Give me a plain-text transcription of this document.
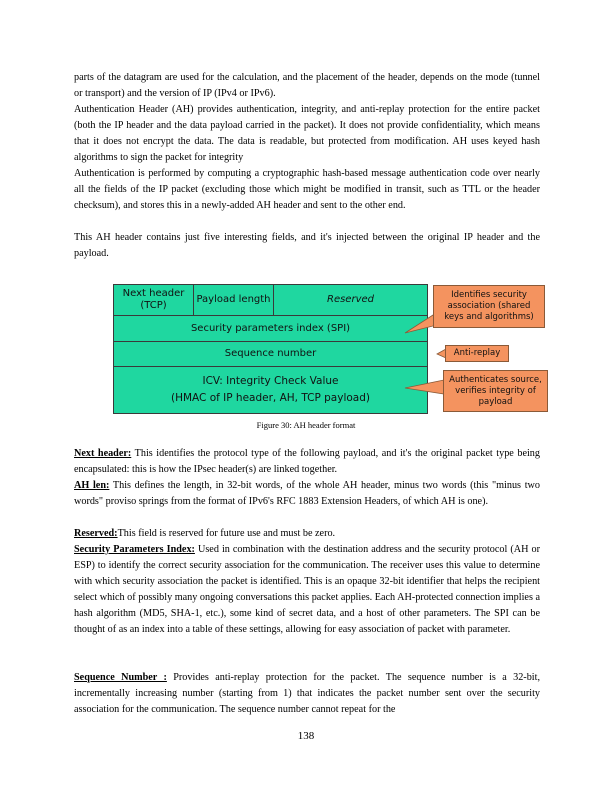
parts of the datagram are used for the calculation, and the placement of the header, depends on the mode (tunnel or transport) and the version of IP (IPv4 or IPv6).

Authentication Header (AH) provides authentication, integrity, and anti-replay protection for the entire packet (both the IP header and the data payload carried in the packet). It does not provide confidentiality, which means that it does not encrypt the data. The data is readable, but protected from modification. AH uses keyed hash algorithms to sign the packet for integrity

Authentication is performed by computing a cryptographic hash-based message authentication code over nearly all the fields of the IP packet (excluding those which might be modified in transit, such as TTL or the header checksum), and stores this in a newly-added AH header and sent to the other end.

This AH header contains just five interesting fields, and it's injected between the original IP header and the payload.

Next header
(TCP)
Payload length	Reserved
Security parameters index (SPI)
Sequence number
ICV: Integrity Check Value
(HMAC of IP header, AH, TCP payload)
Identifies security association (shared keys and algorithms)
Anti-replay
Authenticates source, verifies integrity of payload
Figure 30: AH header format

Next header: This identifies the protocol type of the following payload, and it's the original packet type being encapsulated: this is how the IPsec header(s) are linked together.

AH len: This defines the length, in 32-bit words, of the whole AH header, minus two words (this "minus two words" proviso springs from the format of IPv6's RFC 1883 Extension Headers, of which AH is one).

Reserved:This field is reserved for future use and must be zero.

Security Parameters Index: Used in combination with the destination address and the security protocol (AH or ESP) to identify the correct security association for the communication. The receiver uses this value to determine with which security association the packet is identified. This is an opaque 32-bit identifier that helps the recipient select which of possibly many ongoing conversations this packet applies. Each AH-protected connection implies a hash algorithm (MD5, SHA-1, etc.), some kind of secret data, and a host of other parameters. The SPI can be thought of as an index into a table of these settings, allowing for easy association of packet with parameter.

Sequence Number : Provides anti-replay protection for the packet. The sequence number is a 32-bit, incrementally increasing number (starting from 1) that indicates the packet number sent over the security association for the communication. The sequence number cannot repeat for the

138
